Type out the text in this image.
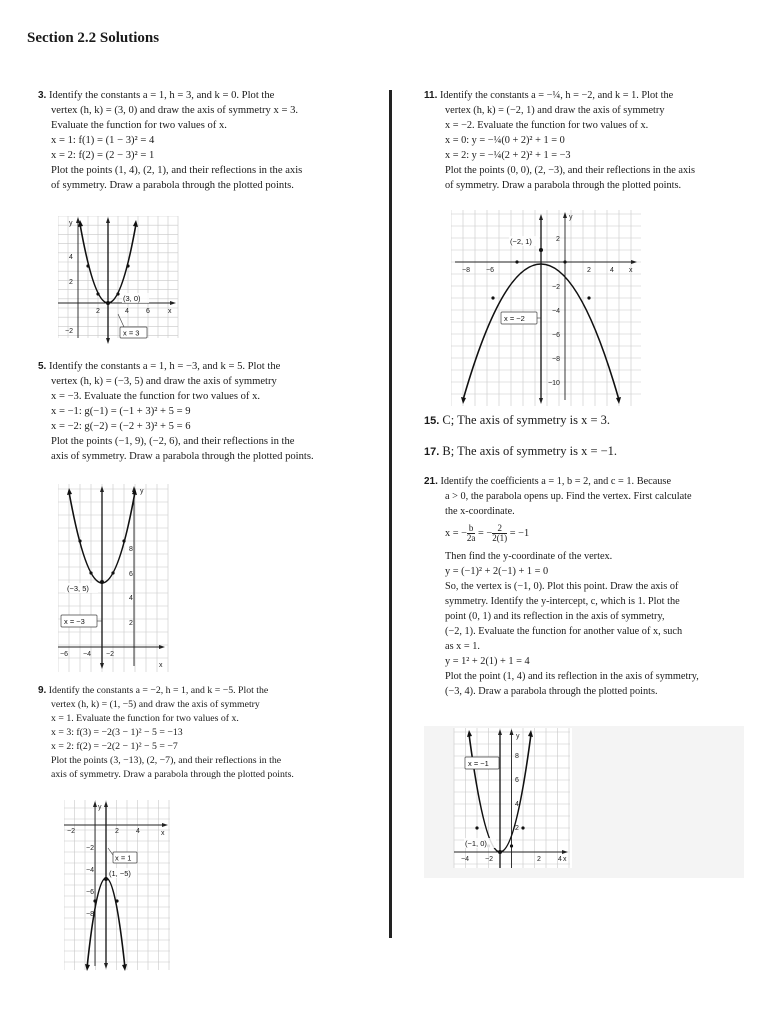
Section 2.2 Solutions
3. Identify the constants a = 1, h = 3, and k = 0. Plot the
vertex (h, k) = (3, 0) and draw the axis of symmetry x = 3.
Evaluate the function for two values of x.
x = 1: f(1) = (1 − 3)² = 4
x = 2: f(2) = (2 − 3)² = 1
Plot the points (1, 4), (2, 1), and their reflections in the axis
of symmetry. Draw a parabola through the plotted points.
5. Identify the constants a = 1, h = −3, and k = 5. Plot the
vertex (h, k) = (−3, 5) and draw the axis of symmetry
x = −3. Evaluate the function for two values of x.
x = −1: g(−1) = (−1 + 3)² + 5 = 9
x = −2: g(−2) = (−2 + 3)² + 5 = 6
Plot the points (−1, 9), (−2, 6), and their reflections in the
axis of symmetry. Draw a parabola through the plotted points.
9. Identify the constants a = −2, h = 1, and k = −5. Plot the
vertex (h, k) = (1, −5) and draw the axis of symmetry
x = 1. Evaluate the function for two values of x.
x = 3: f(3) = −2(3 − 1)² − 5 = −13
x = 2: f(2) = −2(2 − 1)² − 5 = −7
Plot the points (3, −13), (2, −7), and their reflections in the
axis of symmetry. Draw a parabola through the plotted points.
y
x
2	4 6
4
2
−2
(3, 0)
x = 3
y
x
−6 −4 −2
8
6
4
2
(−3, 5)
x = −3
y
x
−2	2 4
−2
−4
−6
−8
x = 1
(1, −5)
11. Identify the constants a = −¼, h = −2, and k = 1. Plot the
vertex (h, k) = (−2, 1) and draw the axis of symmetry
x = −2. Evaluate the function for two values of x.
x = 0: y = −¼(0 + 2)² + 1 = 0
x = 2: y = −¼(2 + 2)² + 1 = −3
Plot the points (0, 0), (2, −3), and their reflections in the axis
of symmetry. Draw a parabola through the plotted points.
15. C; The axis of symmetry is x = 3.
17. B; The axis of symmetry is x = −1.
21. Identify the coefficients a = 1, b = 2, and c = 1. Because
a > 0, the parabola opens up. Find the vertex. First calculate
the x-coordinate.
x = − $\frac{b}{2a}$ = − $\frac{2}{2(1)} = -1$
Then find the y-coordinate of the vertex.
y = (−1)² + 2(−1) + 1 = 0
So, the vertex is (−1, 0). Plot this point. Draw the axis of
symmetry. Identify the y-intercept, c, which is 1. Plot the
point (0, 1) and its reflection in the axis of symmetry,
(−2, 1). Evaluate the function for another value of x, such
as x = 1.
y = 1² + 2(1) + 1 = 4
Plot the point (1, 4) and its reflection in the axis of symmetry,
(−3, 4). Draw a parabola through the plotted points.
y
x
−8 −6	2	4
2
−2
−4
−6
−8
−10
(−2, 1)
x = −2
y
x
−4 −2	2 4
8
6
4
2
x = −1
(−1, 0)
